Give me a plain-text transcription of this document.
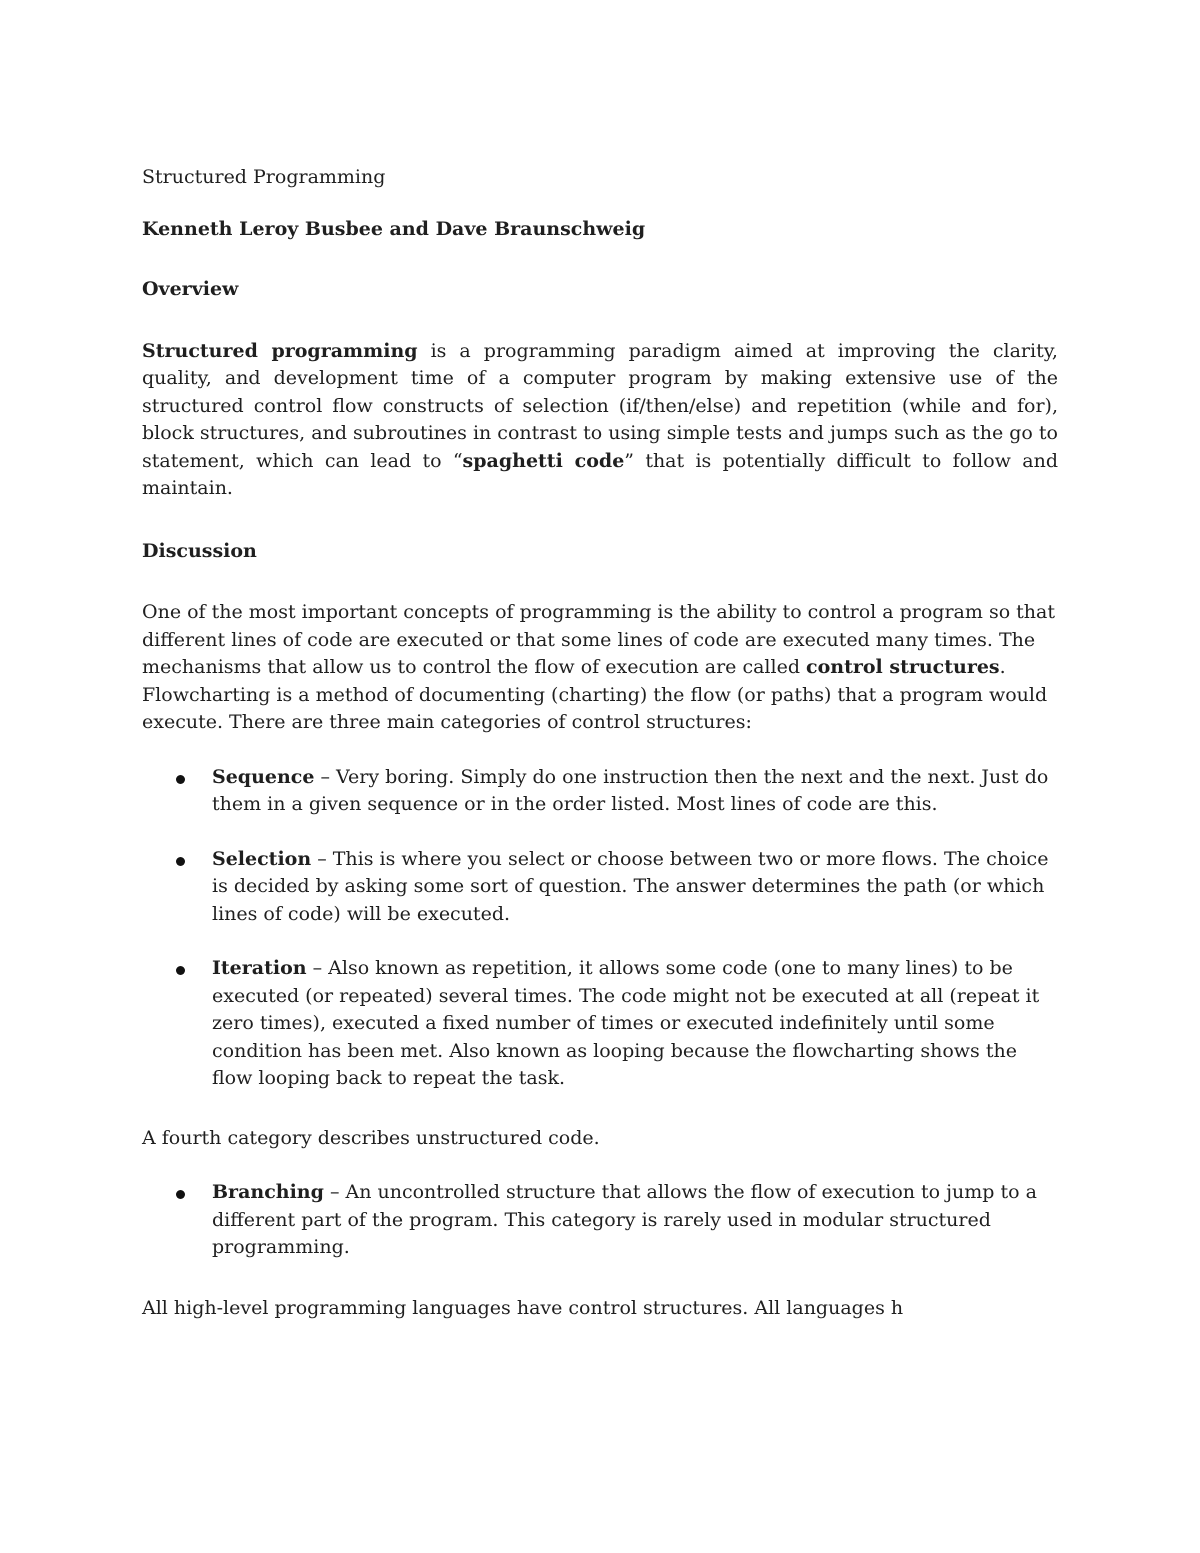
Structured Programming

Kenneth Leroy Busbee and Dave Braunschweig

Overview

Structured programming is a programming paradigm aimed at improving the clarity, quality, and development time of a computer program by making extensive use of the structured control flow constructs of selection (if/then/else) and repetition (while and for), block structures, and subroutines in contrast to using simple tests and jumps such as the go to statement, which can lead to “spaghetti code” that is potentially difficult to follow and maintain.

Discussion

One of the most important concepts of programming is the ability to control a program so that different lines of code are executed or that some lines of code are executed many times. The mechanisms that allow us to control the flow of execution are called control structures. Flowcharting is a method of documenting (charting) the flow (or paths) that a program would execute. There are three main categories of control structures:

Sequence – Very boring. Simply do one instruction then the next and the next. Just do them in a given sequence or in the order listed. Most lines of code are this.
Selection – This is where you select or choose between two or more flows. The choice is decided by asking some sort of question. The answer determines the path (or which lines of code) will be executed.
Iteration – Also known as repetition, it allows some code (one to many lines) to be executed (or repeated) several times. The code might not be executed at all (repeat it zero times), executed a fixed number of times or executed indefinitely until some condition has been met. Also known as looping because the flowcharting shows the flow looping back to repeat the task.

A fourth category describes unstructured code.

Branching – An uncontrolled structure that allows the flow of execution to jump to a different part of the program. This category is rarely used in modular structured programming.

All high-level programming languages have control structures. All languages h
